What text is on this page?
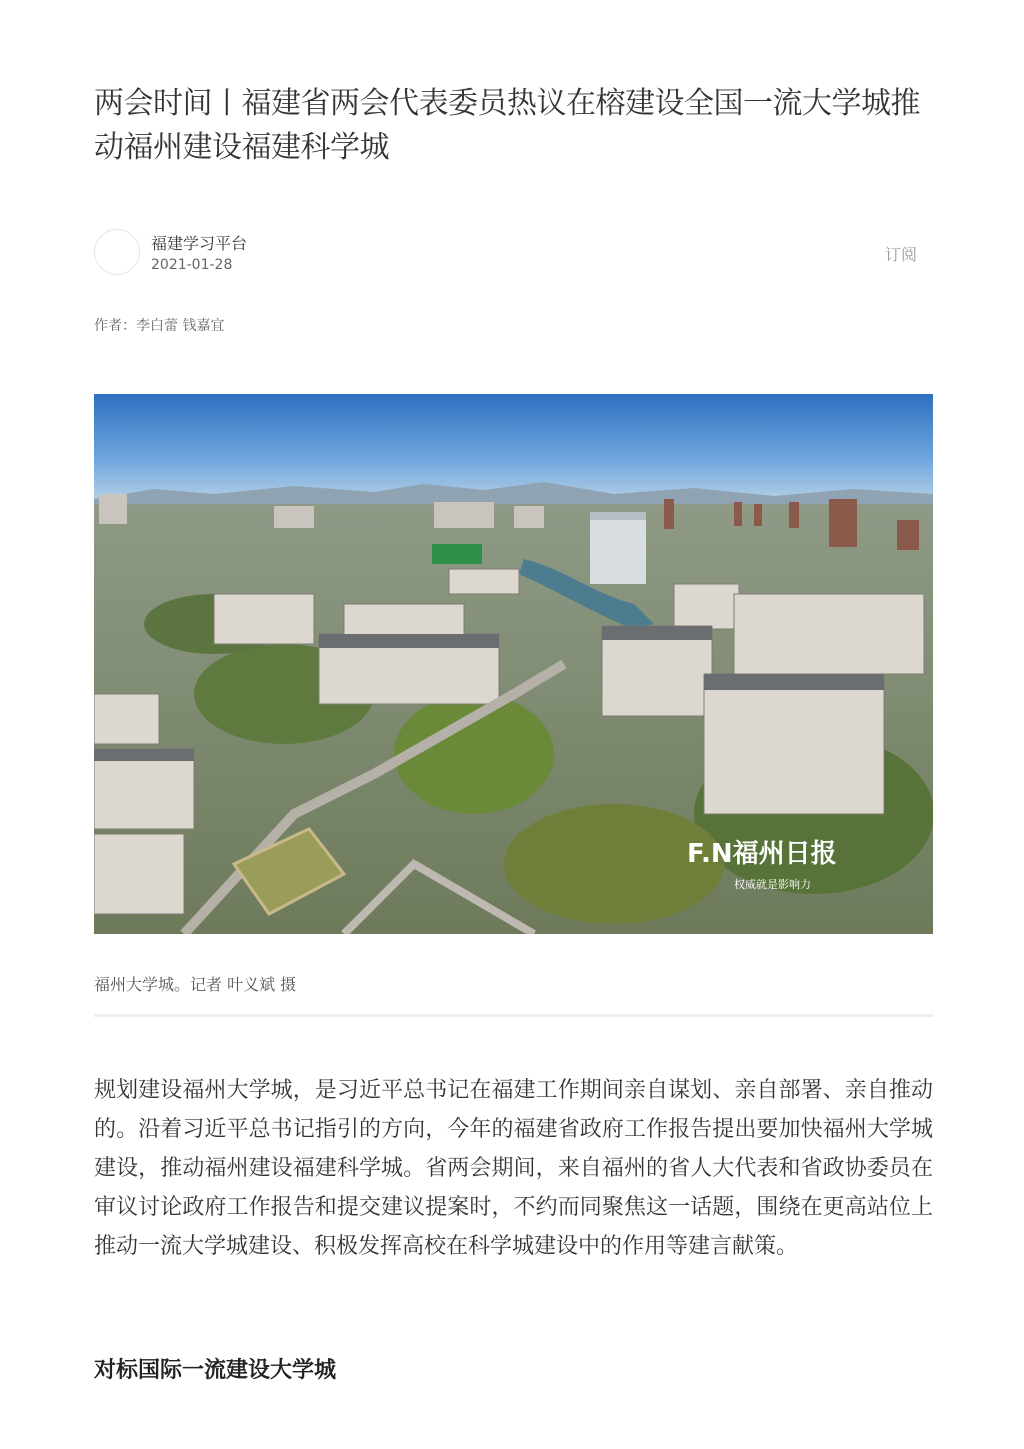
两会时间丨福建省两会代表委员热议在榕建设全国一流大学城推动福州建设福建科学城
福建学习平台
2021-01-28
订阅
作者：李白蕾 钱嘉宜
F.N福州日报
权威就是影响力
福州大学城。记者 叶义斌 摄

规划建设福州大学城，是习近平总书记在福建工作期间亲自谋划、亲自部署、亲自推动的。沿着习近平总书记指引的方向，今年的福建省政府工作报告提出要加快福州大学城建设，推动福州建设福建科学城。省两会期间，来自福州的省人大代表和省政协委员在审议讨论政府工作报告和提交建议提案时，不约而同聚焦这一话题，围绕在更高站位上推动一流大学城建设、积极发挥高校在科学城建设中的作用等建言献策。

对标国际一流建设大学城
